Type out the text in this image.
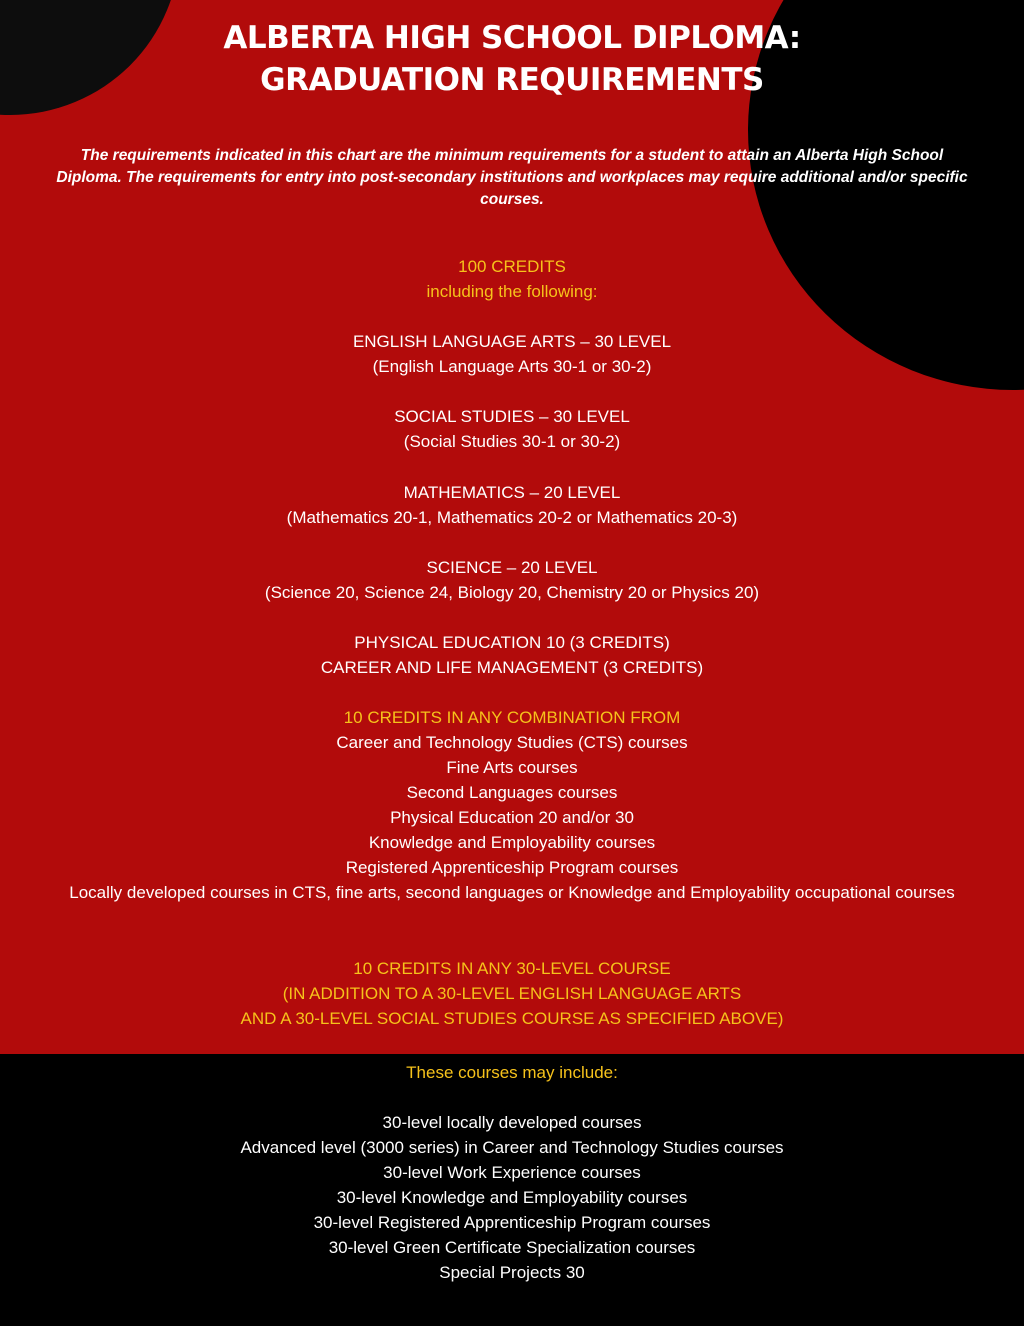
ALBERTA HIGH SCHOOL DIPLOMA:
GRADUATION REQUIREMENTS
The requirements indicated in this chart are the minimum requirements for a student to attain an Alberta High School Diploma. The requirements for entry into post-secondary institutions and workplaces may require additional and/or specific courses.
100 CREDITS
including the following:
ENGLISH LANGUAGE ARTS – 30 LEVEL
(English Language Arts 30-1 or 30-2)
SOCIAL STUDIES – 30 LEVEL
(Social Studies 30-1 or 30-2)
MATHEMATICS – 20 LEVEL
(Mathematics 20-1, Mathematics 20-2 or Mathematics 20-3)
SCIENCE – 20 LEVEL
(Science 20, Science 24, Biology 20, Chemistry 20 or Physics 20)
PHYSICAL EDUCATION 10 (3 CREDITS)
CAREER AND LIFE MANAGEMENT (3 CREDITS)
10 CREDITS IN ANY COMBINATION FROM
Career and Technology Studies (CTS) courses
Fine Arts courses
Second Languages courses
Physical Education 20 and/or 30
Knowledge and Employability courses
Registered Apprenticeship Program courses
Locally developed courses in CTS, fine arts, second languages or Knowledge and Employability occupational courses
10 CREDITS IN ANY 30-LEVEL COURSE
(IN ADDITION TO A 30-LEVEL ENGLISH LANGUAGE ARTS
AND A 30-LEVEL SOCIAL STUDIES COURSE AS SPECIFIED ABOVE)
These courses may include:
30-level locally developed courses
Advanced level (3000 series) in Career and Technology Studies courses
30-level Work Experience courses
30-level Knowledge and Employability courses
30-level Registered Apprenticeship Program courses
30-level Green Certificate Specialization courses
Special Projects 30
